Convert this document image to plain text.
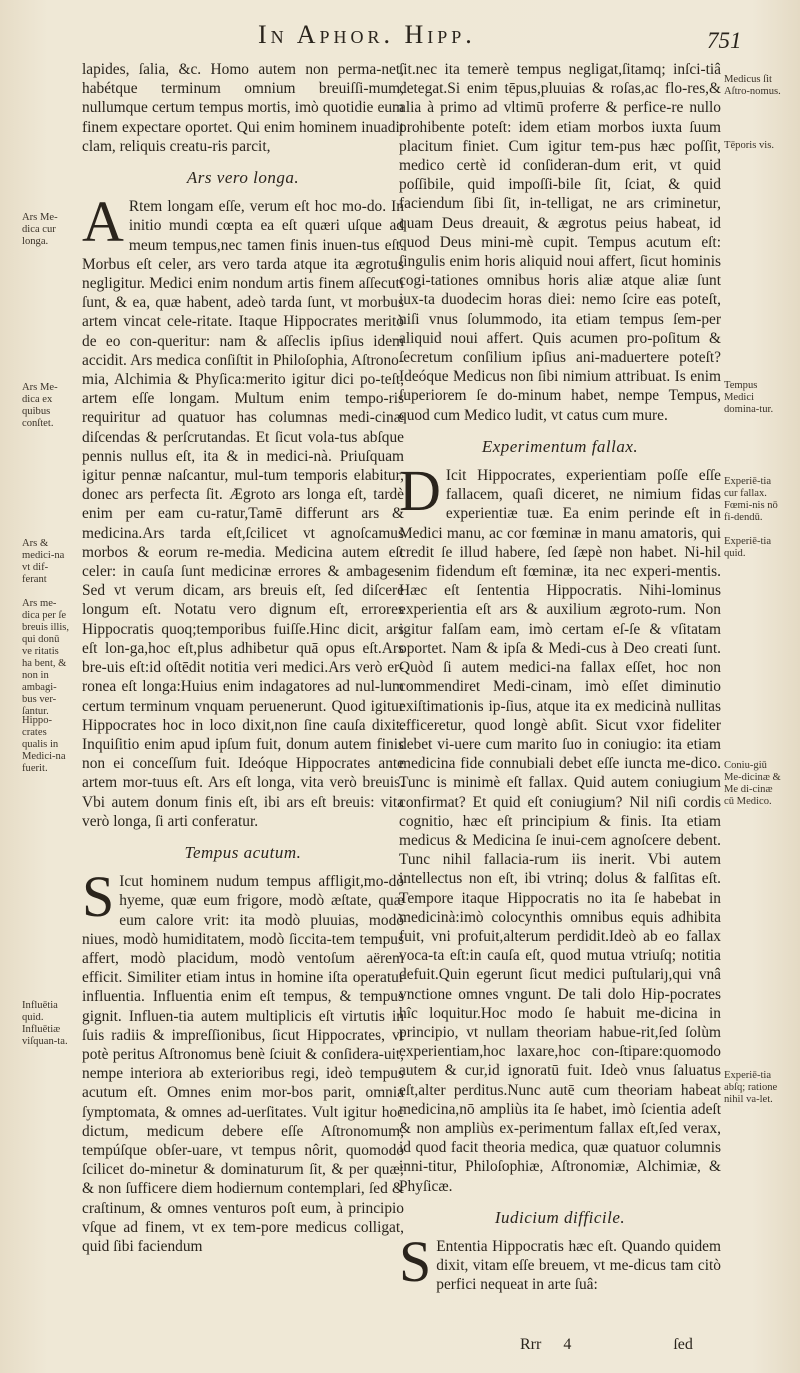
In Aphor. Hipp.	751

lapides, ſalia, &c. Homo autem non perma-net, habétque terminum omnium breuiſſi-mum, nullumque certum tempus mortis, imò quotidie eum finem expectare oportet. Qui enim hominem inuadit clam, reliquis creatu-ris parcit,

Ars vero longa.

ARtem longam eſſe, verum eſt hoc mo-do. In initio mundi cœpta ea eſt quæri uſque ad meum tempus,nec tamen finis inuen-tus eſt. Morbus eſt celer, ars vero tarda atque ita ægrotus negligitur. Medici enim nondum artis finem aſſecuti ſunt, & ea, quæ habent, adeò tarda ſunt, vt morbus artem vincat cele-ritate. Itaque Hippocrates meritò de eo con-queritur: nam & aſſeclis ipſius idem accidit. Ars medica conſiſtit in Philoſophia, Aſtrono-mia, Alchimia & Phyſica:merito igitur dici po-teſt, artem eſſe longam. Multum enim tempo-ris requiritur ad quatuor has columnas medi-cinæ diſcendas & perſcrutandas. Et ſicut vola-tus abſque pennis nullus eſt, ita & in medici-nà. Priuſquam igitur pennæ naſcantur, mul-tum temporis elabitur, donec ars perfecta ſit. Ægroto ars longa eſt, tardè enim per eam cu-ratur,Tamē differunt ars & medicina.Ars tarda eſt,ſcilicet vt agnoſcamus morbos & eorum re-media. Medicina autem eſt celer: in cauſa ſunt medicinæ errores & ambages. Sed vt verum dicam, ars breuis eſt, ſed diſcere longum eſt. Notatu vero dignum eſt, errores Hippocratis quoq;temporibus fuiſſe.Hinc dicit, ars eſt lon-ga,hoc eſt,plus adhibetur quā opus eſt.Ars bre-uis eſt:id oſtēdit notitia veri medici.Ars verò er-ronea eſt longa:Huius enim indagatores ad nul-lum certum terminum vnquam peruenerunt. Quod igitur Hippocrates hoc in loco dixit,non ſine cauſa dixit. Inquiſitio enim apud ipſum fuit, donum autem finis non ei conceſſum fuit. Ideóque Hippocrates ante artem mor-tuus eſt. Ars eſt longa, vita verò breuis. Vbi autem donum finis eſt, ibi ars eſt breuis: vita verò longa, ſi arti conferatur.

Tempus acutum.

SIcut hominem nudum tempus affligit,mo-dò hyeme, quæ eum frigore, modò æſtate, quæ eum calore vrit: ita modò pluuias, modò niues, modò humiditatem, modò ſiccita-tem tempus affert, modò placidum, modò ventoſum aërem efficit. Similiter etiam intus in homine iſta operatur influentia. Influentia enim eſt tempus, & tempus gignit. Influen-tia autem multiplicis eſt virtutis in ſuis radiis & impreſſionibus, ſicut Hippocrates, vt potè peritus Aſtronomus benè ſciuit & conſidera-uit, nempe interiora ab exterioribus regi, ideò tempus acutum eſt. Omnes enim mor-bos parit, omnia ſymptomata, & omnes ad-uerſitates. Vult igitur hoc dictum, medicum debere eſſe Aſtronomum, tempúſque obſer-uare, vt tempus nôrit, quomodo ſcilicet do-minetur & dominaturum ſit, & per quæ; & non ſufficere diem hodiernum contemplari, ſed & craſtinum, & omnes venturos poſt eum, à principio vſque ad finem, vt ex tem-pore medicus colligat, quid ſibi faciendum

ſit.nec ita temerè tempus negligat,ſitamq; inſci-tiâ detegat.Si enim tēpus,pluuias & roſas,ac flo-res,& alia à primo ad vltimū proferre & perfice-re nullo prohibente poteſt: idem etiam morbos iuxta ſuum placitum finiet. Cum igitur tem-pus hæc poſſit, medico certè id conſideran-dum erit, vt quid poſſibile, quid impoſſi-bile ſit, ſciat, & quid faciendum ſibi ſit, in-telligat, ne ars criminetur, quam Deus dreauit, & ægrotus peius habeat, id quod Deus mini-mè cupit. Tempus acutum eſt: ſingulis enim horis aliquid noui affert, ſicut hominis cogi-tationes omnibus horis aliæ atque aliæ ſunt iux-ta duodecim horas diei: nemo ſcire eas poteſt, niſi vnus ſolummodo, ita etiam tempus ſem-per aliquid noui affert. Quis acumen pro-poſitum & ſecretum conſilium ipſius ani-maduertere poteſt? Ideóque Medicus non ſibi nimium attribuat. Is enim ſuperiorem ſe do-minum habet, nempe Tempus, quod cum Medico ludit, vt catus cum mure.

Experimentum fallax.

DIcit Hippocrates, experientiam poſſe eſſe fallacem, quaſi diceret, ne nimium fidas experientiæ tuæ. Ea enim perinde eſt in Medici manu, ac cor fœminæ in manu amatoris, qui credit ſe illud habere, ſed ſæpè non habet. Ni-hil enim fidendum eſt fœminæ, ita nec experi-mentis. Hæc eſt ſententia Hippocratis. Nihi-lominus experientia eſt ars & auxilium ægroto-rum. Non igitur falſam eam, imò certam eſ-ſe & vſitatam oportet. Nam & ipſa & Medi-cus à Deo creati ſunt. Quòd ſi autem medici-na fallax eſſet, hoc non commendiret Medi-cinam, imò eſſet diminutio exiſtimationis ip-ſius, atque ita ex medicinà nullitas efficeretur, quod longè abſit. Sicut vxor fideliter debet vi-uere cum marito ſuo in coniugio: ita etiam medicina fide connubiali debet eſſe iuncta me-dico. Tunc is minimè eſt fallax. Quid autem coniugium confirmat? Et quid eſt coniugium? Nil niſi cordis cognitio, hæc eſt principium & finis. Ita etiam medicus & Medicina ſe inui-cem agnoſcere debent. Tunc nihil fallacia-rum iis inerit. Vbi autem intellectus non eſt, ibi vtrinq; dolus & falſitas eſt. Tempore itaque Hippocratis no ita ſe habebat in medicinà:imò colocynthis omnibus equis adhibita fuit, vni profuit,alterum perdidit.Ideò ab eo fallax voca-ta eſt:in cauſa eſt, quod mutua vtriuſq; notitia defuit.Quin egerunt ſicut medici puſtulariȷ,qui vnâ vnctione omnes vngunt. De tali dolo Hip-pocrates hîc loquitur.Hoc modo ſe habuit me-dicina in principio, vt nullam theoriam habue-rit,ſed ſolùm experientiam,hoc laxare,hoc con-ſtipare:quomodo autem & cur,id ignoratū fuit. Ideò vnus ſaluatus eſt,alter perditus.Nunc autē cum theoriam habeat medicina,nō ampliùs ita ſe habet, imò ſcientia adeſt & non ampliùs ex-perimentum fallax eſt,ſed verax, id quod facit theoria medica, quæ quatuor columnis inni-titur, Philoſophiæ, Aſtronomiæ, Alchimiæ, & Phyſicæ.

Iudicium difficile.

SEntentia Hippocratis hæc eſt. Quando quidem dixit, vitam eſſe breuem, vt me-dicus tam citò perfici nequeat in arte ſuâ:

Ars Me-dica cur longa.
Ars Me-dica ex quibus conſtet.
Ars & medici-na vt dif-ferant
Ars me-dica per ſe breuis illis, qui donū ve ritatis ha bent, & non in ambagi-bus ver-ſantur.
Hippo-crates qualis in Medici-na fuerit.
Influētia quid. Influētiæ viſquan-ta.
Medicus ſit Aſtro-nomus.
Tēporis vis.
Tempus Medici domina-tur.
Experiē-tia cur fallax. Fœmi-nis nō fi-dendū.
Experiē-tia quid.
Coniu-giū Me-dicinæ & Me di-cinæ cū Medico.
Experiē-tia abſq; ratione nihil va-let.
Rrr 4	ſed
